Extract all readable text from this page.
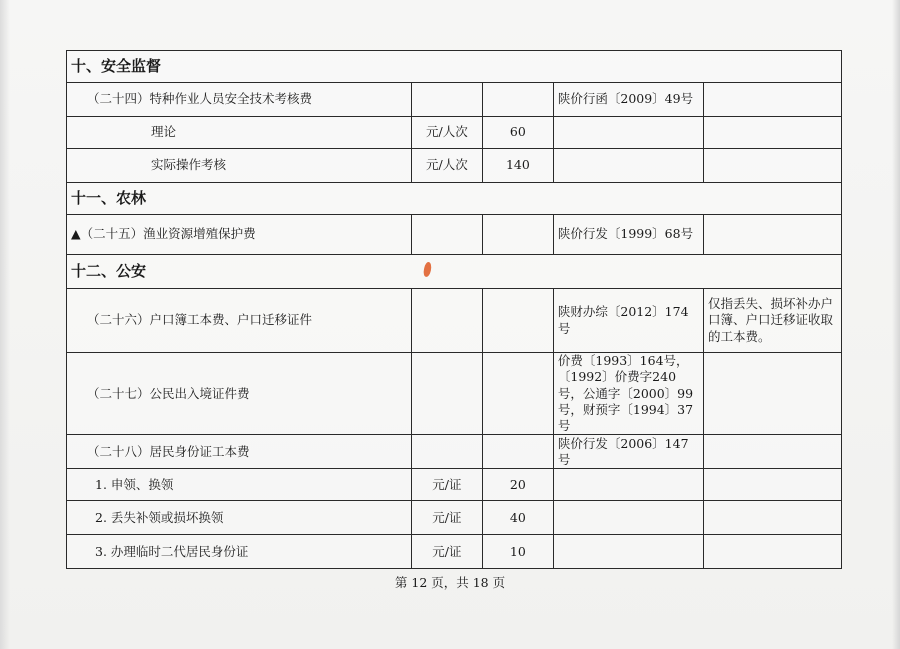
十、安全监督				
（二十四）特种作业人员安全技术考核费			陕价行函〔2009〕49号	
理论	元/人次	60		
实际操作考核	元/人次	140		
十一、农林				
▲（二十五）渔业资源增殖保护费			陕价行发〔1999〕68号	
十二、公安				
（二十六）户口簿工本费、户口迁移证件			陕财办综〔2012〕174号	仅指丢失、损坏补办户口簿、户口迁移证收取的工本费。
（二十七）公民出入境证件费			价费〔1993〕164号，〔1992〕价费字240号，公通字〔2000〕99号，财预字〔1994〕37号	
（二十八）居民身份证工本费			陕价行发〔2006〕147号	
1. 申领、换领	元/证	20		
2. 丢失补领或损坏换领	元/证	40		
3. 办理临时二代居民身份证	元/证	10		
第 12 页，共 18 页
